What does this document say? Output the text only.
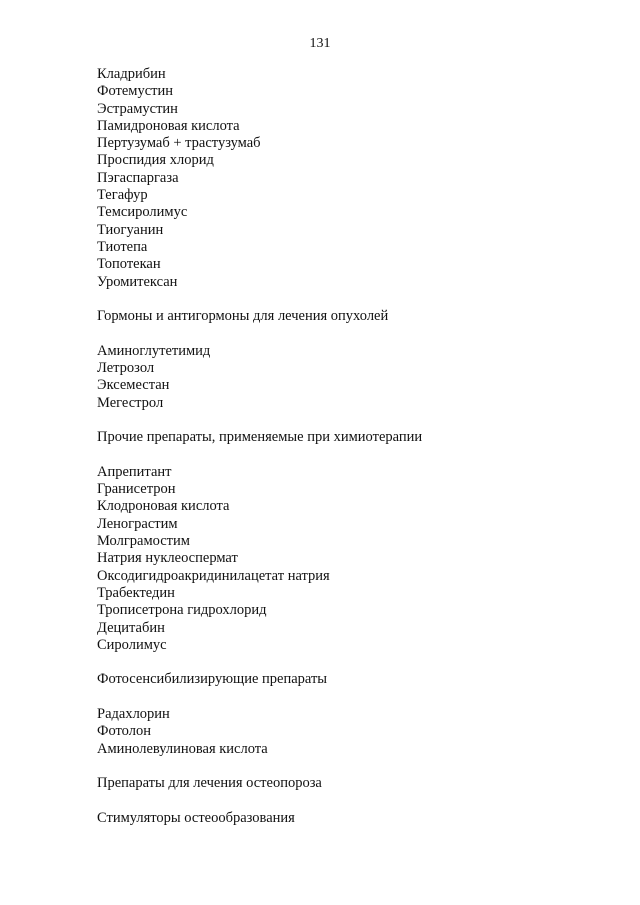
131
Кладрибин
Фотемустин
Эстрамустин
Памидроновая кислота
Пертузумаб + трастузумаб
Проспидия хлорид
Пэгаспаргаза
Тегафур
Темсиролимус
Тиогуанин
Тиотепа
Топотекан
Уромитексан
Гормоны и антигормоны для лечения опухолей
Аминоглутетимид
Летрозол
Эксеместан
Мегестрол
Прочие препараты, применяемые при химиотерапии
Апрепитант
Гранисетрон
Клодроновая кислота
Ленограстим
Молграмостим
Натрия нуклеоспермат
Оксодигидроакридинилацетат натрия
Трабектедин
Трописетрона гидрохлорид
Децитабин
Сиролимус
Фотосенсибилизирующие препараты
Радахлорин
Фотолон
Аминолевулиновая кислота
Препараты для лечения остеопороза
Стимуляторы остеообразования
